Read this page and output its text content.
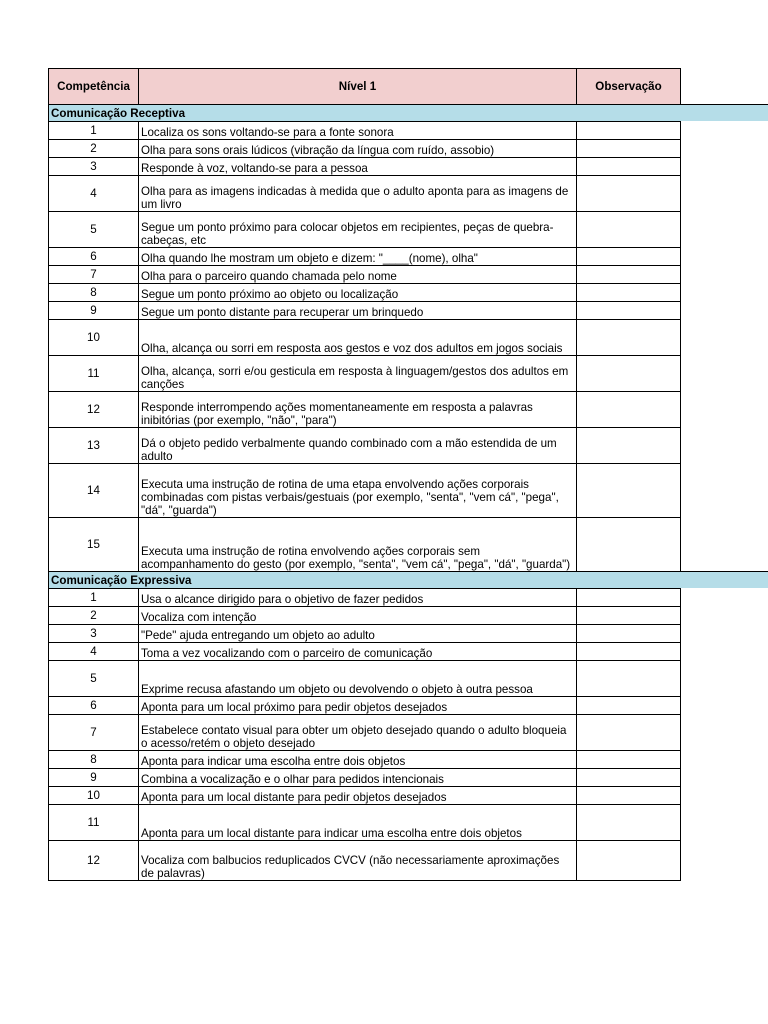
Competência	Nível 1	Observação	
Comunicação Receptiva			
1	Localiza os sons voltando-se para a fonte sonora		
2	Olha para sons orais lúdicos (vibração da língua com ruído, assobio)		
3	Responde à voz, voltando-se para a pessoa		
4	Olha para as imagens indicadas à medida que o adulto aponta para as imagens de um livro		
5	Segue um ponto próximo para colocar objetos em recipientes, peças de quebra-cabeças, etc		
6	Olha quando lhe mostram um objeto e dizem: "____(nome), olha"		
7	Olha para o parceiro quando chamada pelo nome		
8	Segue um ponto próximo ao objeto ou localização		
9	Segue um ponto distante para recuperar um brinquedo		
10	Olha, alcança ou sorri em resposta aos gestos e voz dos adultos em jogos sociais		
11	Olha, alcança, sorri e/ou gesticula em resposta à linguagem/gestos dos adultos em canções		
12	Responde interrompendo ações momentaneamente em resposta a palavras inibitórias (por exemplo, "não", "para")		
13	Dá o objeto pedido verbalmente quando combinado com a mão estendida de um adulto		
14	Executa uma instrução de rotina de uma etapa envolvendo ações corporais combinadas com pistas verbais/gestuais (por exemplo, "senta", "vem cá", "pega", "dá", "guarda")		
15	Executa uma instrução de rotina envolvendo ações corporais sem acompanhamento do gesto (por exemplo, "senta", "vem cá", "pega", "dá", "guarda")		
Comunicação Expressiva			
1	Usa o alcance dirigido para o objetivo de fazer pedidos		
2	Vocaliza com intenção		
3	"Pede" ajuda entregando um objeto ao adulto		
4	Toma a vez vocalizando com o parceiro de comunicação		
5	Exprime recusa afastando um objeto ou devolvendo o objeto à outra pessoa		
6	Aponta para um local próximo para pedir objetos desejados		
7	Estabelece contato visual para obter um objeto desejado quando o adulto bloqueia o acesso/retém o objeto desejado		
8	Aponta para indicar uma escolha entre dois objetos		
9	Combina a vocalização e o olhar para pedidos intencionais		
10	Aponta para um local distante para pedir objetos desejados		
11	Aponta para um local distante para indicar uma escolha entre dois objetos		
12	Vocaliza com balbucios reduplicados CVCV (não necessariamente aproximações de palavras)		
